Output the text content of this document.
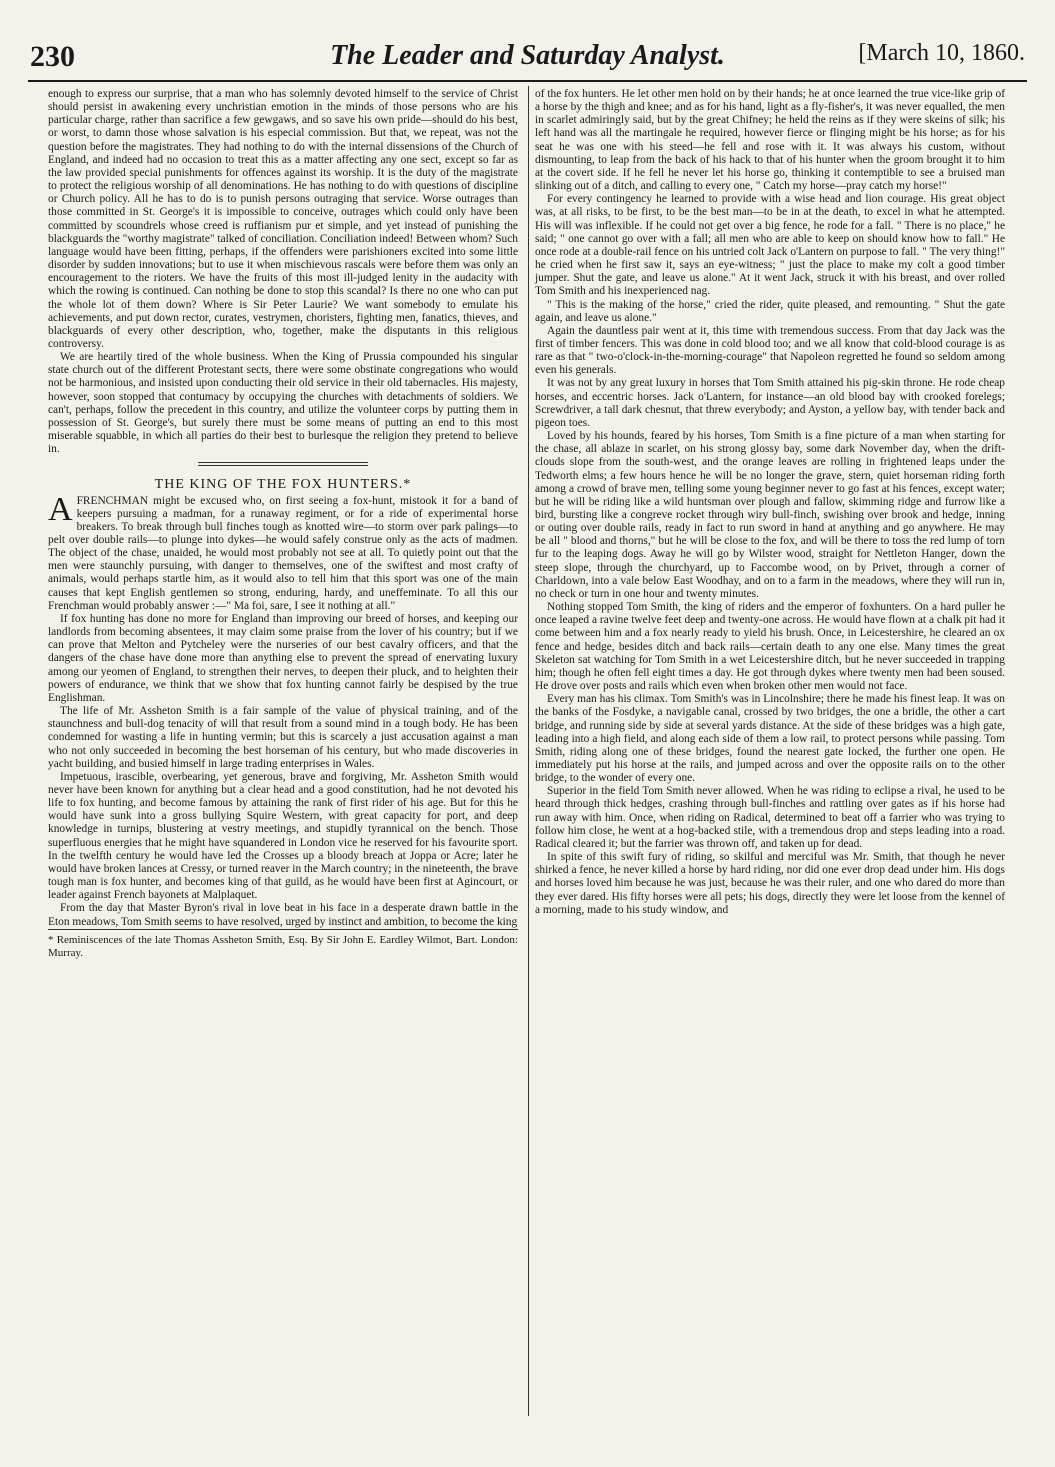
230	The Leader and Saturday Analyst.	[March 10, 1860.

enough to express our surprise, that a man who has solemnly devoted himself to the service of Christ should persist in awakening every unchristian emotion in the minds of those persons who are his particular charge, rather than sacrifice a few gewgaws, and so save his own pride—should do his best, or worst, to damn those whose salvation is his especial commission. But that, we repeat, was not the question before the magistrates. They had nothing to do with the internal dissensions of the Church of England, and indeed had no occasion to treat this as a matter affecting any one sect, except so far as the law provided special punishments for offences against its worship. It is the duty of the magistrate to protect the religious worship of all denominations. He has nothing to do with questions of discipline or Church policy. All he has to do is to punish persons outraging that service. Worse outrages than those committed in St. George's it is impossible to conceive, outrages which could only have been committed by scoundrels whose creed is ruffianism pur et simple, and yet instead of punishing the blackguards the "worthy magistrate" talked of conciliation. Conciliation indeed! Between whom? Such language would have been fitting, perhaps, if the offenders were parishioners excited into some little disorder by sudden innovations; but to use it when mischievous rascals were before them was only an encouragement to the rioters. We have the fruits of this most ill-judged lenity in the audacity with which the rowing is continued. Can nothing be done to stop this scandal? Is there no one who can put the whole lot of them down? Where is Sir Peter Laurie? We want somebody to emulate his achievements, and put down rector, curates, vestrymen, choristers, fighting men, fanatics, thieves, and blackguards of every other description, who, together, make the disputants in this religious controversy.

We are heartily tired of the whole business. When the King of Prussia compounded his singular state church out of the different Protestant sects, there were some obstinate congregations who would not be harmonious, and insisted upon conducting their old service in their old tabernacles. His majesty, however, soon stopped that contumacy by occupying the churches with detachments of soldiers. We can't, perhaps, follow the precedent in this country, and utilize the volunteer corps by putting them in possession of St. George's, but surely there must be some means of putting an end to this most miserable squabble, in which all parties do their best to burlesque the religion they pretend to believe in.

THE KING OF THE FOX HUNTERS.*

AFRENCHMAN might be excused who, on first seeing a fox-hunt, mistook it for a band of keepers pursuing a madman, for a runaway regiment, or for a ride of experimental horse breakers. To break through bull finches tough as knotted wire—to storm over park palings—to pelt over double rails—to plunge into dykes—he would safely construe only as the acts of madmen. The object of the chase, unaided, he would most probably not see at all. To quietly point out that the men were staunchly pursuing, with danger to themselves, one of the swiftest and most crafty of animals, would perhaps startle him, as it would also to tell him that this sport was one of the main causes that kept English gentlemen so strong, enduring, hardy, and uneffeminate. To all this our Frenchman would probably answer :—" Ma foi, sare, I see it nothing at all."

If fox hunting has done no more for England than improving our breed of horses, and keeping our landlords from becoming absentees, it may claim some praise from the lover of his country; but if we can prove that Melton and Pytcheley were the nurseries of our best cavalry officers, and that the dangers of the chase have done more than anything else to prevent the spread of enervating luxury among our yeomen of England, to strengthen their nerves, to deepen their pluck, and to heighten their powers of endurance, we think that we show that fox hunting cannot fairly be despised by the true Englishman.

The life of Mr. Assheton Smith is a fair sample of the value of physical training, and of the staunchness and bull-dog tenacity of will that result from a sound mind in a tough body. He has been condemned for wasting a life in hunting vermin; but this is scarcely a just accusation against a man who not only succeeded in becoming the best horseman of his century, but who made discoveries in yacht building, and busied himself in large trading enterprises in Wales.

Impetuous, irascible, overbearing, yet generous, brave and forgiving, Mr. Assheton Smith would never have been known for anything but a clear head and a good constitution, had he not devoted his life to fox hunting, and become famous by attaining the rank of first rider of his age. But for this he would have sunk into a gross bullying Squire Western, with great capacity for port, and deep knowledge in turnips, blustering at vestry meetings, and stupidly tyrannical on the bench. Those superfluous energies that he might have squandered in London vice he reserved for his favourite sport. In the twelfth century he would have led the Crosses up a bloody breach at Joppa or Acre; later he would have broken lances at Cressy, or turned reaver in the March country; in the nineteenth, the brave tough man is fox hunter, and becomes king of that guild, as he would have been first at Agincourt, or leader against French bayonets at Malplaquet.

From the day that Master Byron's rival in love beat in his face in a desperate drawn battle in the Eton meadows, Tom Smith seems to have resolved, urged by instinct and ambition, to become the king

* Reminiscences of the late Thomas Assheton Smith, Esq. By Sir John E. Eardley Wilmot, Bart. London: Murray.

of the fox hunters. He let other men hold on by their hands; he at once learned the true vice-like grip of a horse by the thigh and knee; and as for his hand, light as a fly-fisher's, it was never equalled, the men in scarlet admiringly said, but by the great Chifney; he held the reins as if they were skeins of silk; his left hand was all the martingale he required, however fierce or flinging might be his horse; as for his seat he was one with his steed—he fell and rose with it. It was always his custom, without dismounting, to leap from the back of his hack to that of his hunter when the groom brought it to him at the covert side. If he fell he never let his horse go, thinking it contemptible to see a bruised man slinking out of a ditch, and calling to every one, " Catch my horse—pray catch my horse!"

For every contingency he learned to provide with a wise head and lion courage. His great object was, at all risks, to be first, to be the best man—to be in at the death, to excel in what he attempted. His will was inflexible. If he could not get over a big fence, he rode for a fall. " There is no place," he said; " one cannot go over with a fall; all men who are able to keep on should know how to fall." He once rode at a double-rail fence on his untried colt Jack o'Lantern on purpose to fall. " The very thing!" he cried when he first saw it, says an eye-witness; " just the place to make my colt a good timber jumper. Shut the gate, and leave us alone." At it went Jack, struck it with his breast, and over rolled Tom Smith and his inexperienced nag.

" This is the making of the horse," cried the rider, quite pleased, and remounting. " Shut the gate again, and leave us alone."

Again the dauntless pair went at it, this time with tremendous success. From that day Jack was the first of timber fencers. This was done in cold blood too; and we all know that cold-blood courage is as rare as that " two-o'clock-in-the-morning-courage" that Napoleon regretted he found so seldom among even his generals.

It was not by any great luxury in horses that Tom Smith attained his pig-skin throne. He rode cheap horses, and eccentric horses. Jack o'Lantern, for instance—an old blood bay with crooked forelegs; Screwdriver, a tall dark chesnut, that threw everybody; and Ayston, a yellow bay, with tender back and pigeon toes.

Loved by his hounds, feared by his horses, Tom Smith is a fine picture of a man when starting for the chase, all ablaze in scarlet, on his strong glossy bay, some dark November day, when the drift-clouds slope from the south-west, and the orange leaves are rolling in frightened leaps under the Tedworth elms; a few hours hence he will be no longer the grave, stern, quiet horseman riding forth among a crowd of brave men, telling some young beginner never to go fast at his fences, except water; but he will be riding like a wild huntsman over plough and fallow, skimming ridge and furrow like a bird, bursting like a congreve rocket through wiry bull-finch, swishing over brook and hedge, inning or outing over double rails, ready in fact to run sword in hand at anything and go anywhere. He may be all " blood and thorns," but he will be close to the fox, and will be there to toss the red lump of torn fur to the leaping dogs. Away he will go by Wilster wood, straight for Nettleton Hanger, down the steep slope, through the churchyard, up to Faccombe wood, on by Privet, through a corner of Charldown, into a vale below East Woodhay, and on to a farm in the meadows, where they will run in, no check or turn in one hour and twenty minutes.

Nothing stopped Tom Smith, the king of riders and the emperor of foxhunters. On a hard puller he once leaped a ravine twelve feet deep and twenty-one across. He would have flown at a chalk pit had it come between him and a fox nearly ready to yield his brush. Once, in Leicestershire, he cleared an ox fence and hedge, besides ditch and back rails—certain death to any one else. Many times the great Skeleton sat watching for Tom Smith in a wet Leicestershire ditch, but he never succeeded in trapping him; though he often fell eight times a day. He got through dykes where twenty men had been soused. He drove over posts and rails which even when broken other men would not face.

Every man has his climax. Tom Smith's was in Lincolnshire; there he made his finest leap. It was on the banks of the Fosdyke, a navigable canal, crossed by two bridges, the one a bridle, the other a cart bridge, and running side by side at several yards distance. At the side of these bridges was a high gate, leading into a high field, and along each side of them a low rail, to protect persons while passing. Tom Smith, riding along one of these bridges, found the nearest gate locked, the further one open. He immediately put his horse at the rails, and jumped across and over the opposite rails on to the other bridge, to the wonder of every one.

Superior in the field Tom Smith never allowed. When he was riding to eclipse a rival, he used to be heard through thick hedges, crashing through bull-finches and rattling over gates as if his horse had run away with him. Once, when riding on Radical, determined to beat off a farrier who was trying to follow him close, he went at a hog-backed stile, with a tremendous drop and steps leading into a road. Radical cleared it; but the farrier was thrown off, and taken up for dead.

In spite of this swift fury of riding, so skilful and merciful was Mr. Smith, that though he never shirked a fence, he never killed a horse by hard riding, nor did one ever drop dead under him. His dogs and horses loved him because he was just, because he was their ruler, and one who dared do more than they ever dared. His fifty horses were all pets; his dogs, directly they were let loose from the kennel of a morning, made to his study window, and
